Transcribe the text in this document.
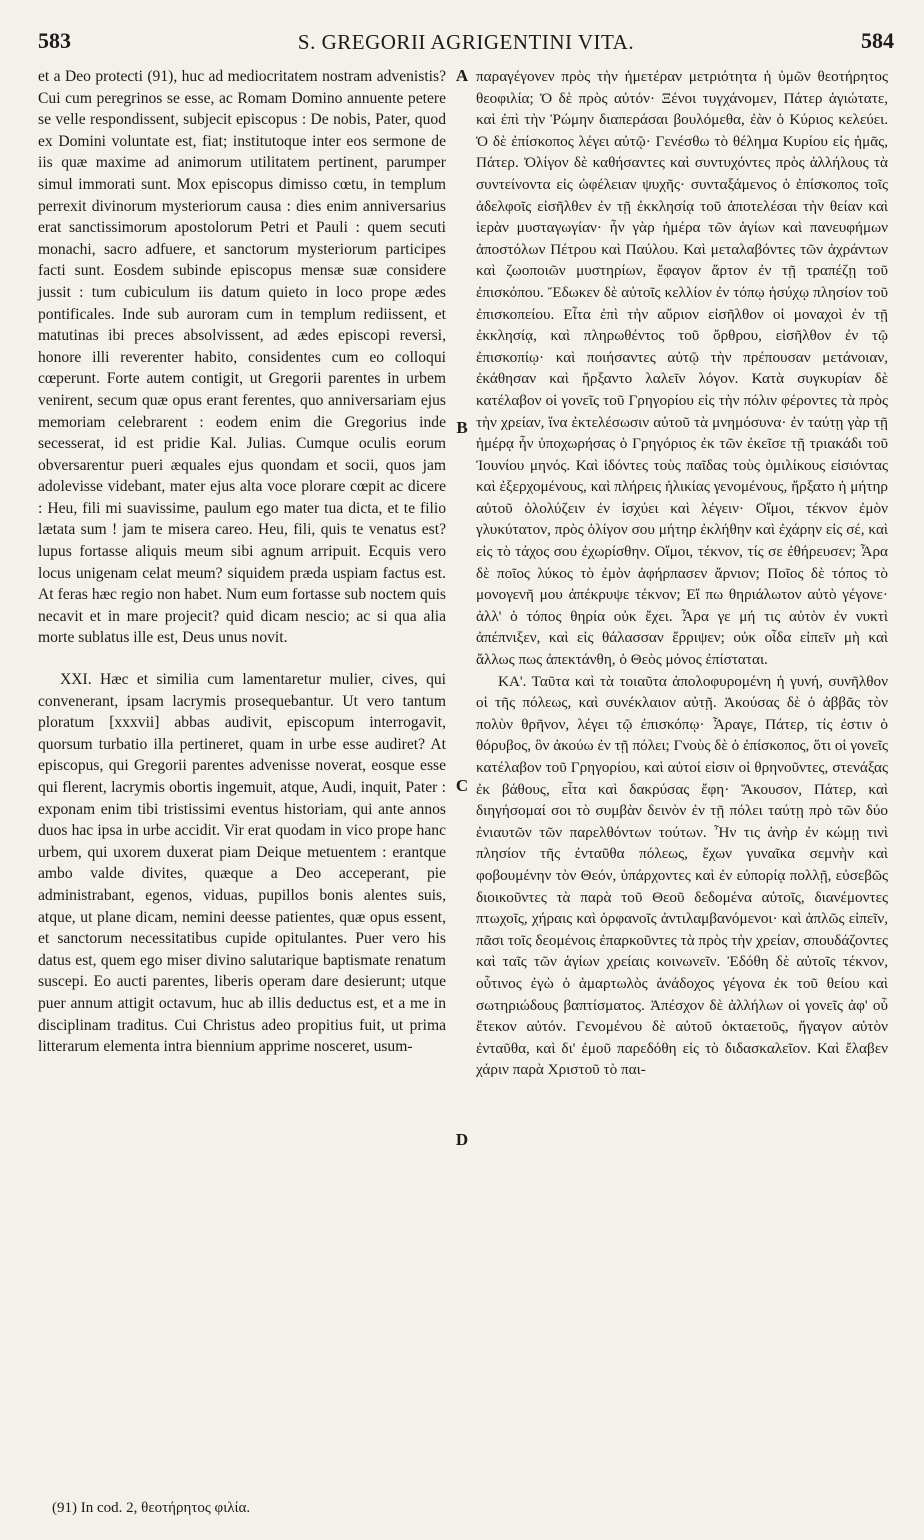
583	S. GREGORII AGRIGENTINI VITA.	584

et a Deo protecti (91), huc ad mediocritatem nostram advenistis? Cui cum peregrinos se esse, ac Romam Domino annuente petere se velle respondissent, subjecit episcopus : De nobis, Pater, quod ex Domini voluntate est, fiat; institutoque inter eos sermone de iis quæ maxime ad animorum utilitatem pertinent, parumper simul immorati sunt. Mox episcopus dimisso cœtu, in templum perrexit divinorum mysteriorum causa : dies enim anniversarius erat sanctissimorum apostolorum Petri et Pauli : quem secuti monachi, sacro adfuere, et sanctorum mysteriorum participes facti sunt. Eosdem subinde episcopus mensæ suæ considere jussit : tum cubiculum iis datum quieto in loco prope ædes pontificales. Inde sub auroram cum in templum rediissent, et matutinas ibi preces absolvissent, ad ædes episcopi reversi, honore illi reverenter habito, considentes cum eo colloqui cœperunt. Forte autem contigit, ut Gregorii parentes in urbem venirent, secum quæ opus erant ferentes, quo anniversariam ejus memoriam celebrarent : eodem enim die Gregorius inde secesserat, id est pridie Kal. Julias. Cumque oculis eorum obversarentur pueri æquales ejus quondam et socii, quos jam adolevisse videbant, mater ejus alta voce plorare cœpit ac dicere : Heu, fili mi suavissime, paulum ego mater tua dicta, et te filio lætata sum ! jam te misera careo. Heu, fili, quis te venatus est? lupus fortasse aliquis meum sibi agnum arripuit. Ecquis vero locus unigenam celat meum? siquidem præda uspiam factus est. At feras hæc regio non habet. Num eum fortasse sub noctem quis necavit et in mare projecit? quid dicam nescio; ac si qua alia morte sublatus ille est, Deus unus novit.

XXI. Hæc et similia cum lamentaretur mulier, cives, qui convenerant, ipsam lacrymis prosequebantur. Ut vero tantum ploratum [xxxvii] abbas audivit, episcopum interrogavit, quorsum turbatio illa pertineret, quam in urbe esse audiret? At episcopus, qui Gregorii parentes advenisse noverat, eosque esse qui flerent, lacrymis obortis ingemuit, atque, Audi, inquit, Pater : exponam enim tibi tristissimi eventus historiam, qui ante annos duos hac ipsa in urbe accidit. Vir erat quodam in vico prope hanc urbem, qui uxorem duxerat piam Deique metuentem : erantque ambo valde divites, quæque a Deo acceperant, pie administrabant, egenos, viduas, pupillos bonis alentes suis, atque, ut plane dicam, nemini deesse patientes, quæ opus essent, et sanctorum necessitatibus cupide opitulantes. Puer vero his datus est, quem ego miser divino salutarique baptismate renatum suscepi. Eo aucti parentes, liberis operam dare desierunt; utque puer annum attigit octavum, huc ab illis deductus est, et a me in disciplinam traditus. Cui Christus adeo propitius fuit, ut prima litterarum elementa intra biennium apprime nosceret, usum-

A
B
C
D

παραγέγονεν πρὸς τὴν ἡμετέραν μετριότητα ἡ ὑμῶν θεοτήρητος θεοφιλία; Ὁ δὲ πρὸς αὐτόν· Ξένοι τυγχάνομεν, Πάτερ ἁγιώτατε, καὶ ἐπὶ τὴν Ῥώμην διαπεράσαι βουλόμεθα, ἐὰν ὁ Κύριος κελεύει. Ὁ δὲ ἐπίσκοπος λέγει αὐτῷ· Γενέσθω τὸ θέλημα Κυρίου εἰς ἡμᾶς, Πάτερ. Ὀλίγον δὲ καθήσαντες καὶ συντυχόντες πρὸς ἀλλήλους τὰ συντείνοντα εἰς ὠφέλειαν ψυχῆς· συνταξάμενος ὁ ἐπίσκοπος τοῖς ἀδελφοῖς εἰσῆλθεν ἐν τῇ ἐκκλησίᾳ τοῦ ἀποτελέσαι τὴν θείαν καὶ ἱερὰν μυσταγωγίαν· ἦν γὰρ ἡμέρα τῶν ἁγίων καὶ πανευφήμων ἀποστόλων Πέτρου καὶ Παύλου. Καὶ μεταλαβόντες τῶν ἀχράντων καὶ ζωοποιῶν μυστηρίων, ἔφαγον ἄρτον ἐν τῇ τραπέζῃ τοῦ ἐπισκόπου. Ἔδωκεν δὲ αὐτοῖς κελλίον ἐν τόπῳ ἡσύχῳ πλησίον τοῦ ἐπισκοπείου. Εἶτα ἐπὶ τὴν αὔριον εἰσῆλθον οἱ μοναχοὶ ἐν τῇ ἐκκλησίᾳ, καὶ πληρωθέντος τοῦ ὄρθρου, εἰσῆλθον ἐν τῷ ἐπισκοπίῳ· καὶ ποιήσαντες αὐτῷ τὴν πρέπουσαν μετάνοιαν, ἐκάθησαν καὶ ἤρξαντο λαλεῖν λόγον. Κατὰ συγκυρίαν δὲ κατέλαβον οἱ γονεῖς τοῦ Γρηγορίου εἰς τὴν πόλιν φέροντες τὰ πρὸς τὴν χρείαν, ἵνα ἐκτελέσωσιν αὐτοῦ τὰ μνημόσυνα· ἐν ταύτῃ γὰρ τῇ ἡμέρᾳ ἦν ὑποχωρήσας ὁ Γρηγόριος ἐκ τῶν ἐκεῖσε τῇ τριακάδι τοῦ Ἰουνίου μηνός. Καὶ ἰδόντες τοὺς παῖδας τοὺς ὁμιλίκους εἰσιόντας καὶ ἐξερχομένους, καὶ πλήρεις ἡλικίας γενομένους, ἤρξατο ἡ μήτηρ αὐτοῦ ὀλολύζειν ἐν ἰσχύει καὶ λέγειν· Οἴμοι, τέκνον ἐμὸν γλυκύτατον, πρὸς ὀλίγον σου μήτηρ ἐκλήθην καὶ ἐχάρην εἰς σέ, καὶ εἰς τὸ τάχος σου ἐχωρίσθην. Οἴμοι, τέκνον, τίς σε ἐθήρευσεν; Ἆρα δὲ ποῖος λύκος τὸ ἐμὸν ἀφήρπασεν ἄρνιον; Ποῖος δὲ τόπος τὸ μονογενῆ μου ἀπέκρυψε τέκνον; Εἴ πω θηριάλωτον αὐτὸ γέγονε· ἀλλ' ὁ τόπος θηρία οὐκ ἔχει. Ἆρα γε μή τις αὐτὸν ἐν νυκτὶ ἀπέπνιξεν, καὶ εἰς θάλασσαν ἔρριψεν; οὐκ οἶδα εἰπεῖν μὴ καὶ ἄλλως πως ἀπεκτάνθη, ὁ Θεὸς μόνος ἐπίσταται.

ΚΑ'. Ταῦτα καὶ τὰ τοιαῦτα ἀπολοφυρομένη ἡ γυνή, συνῆλθον οἱ τῆς πόλεως, καὶ συνέκλαιον αὐτῇ. Ἀκούσας δὲ ὁ ἀββᾶς τὸν πολὺν θρῆνον, λέγει τῷ ἐπισκόπῳ· Ἆραγε, Πάτερ, τίς ἐστιν ὁ θόρυβος, ὃν ἀκούω ἐν τῇ πόλει; Γνοὺς δὲ ὁ ἐπίσκοπος, ὅτι οἱ γονεῖς κατέλαβον τοῦ Γρηγορίου, καὶ αὐτοί εἰσιν οἱ θρηνοῦντες, στενάξας ἐκ βάθους, εἶτα καὶ δακρύσας ἔφη· Ἄκουσον, Πάτερ, καὶ διηγήσομαί σοι τὸ συμβὰν δεινὸν ἐν τῇ πόλει ταύτῃ πρὸ τῶν δύο ἐνιαυτῶν τῶν παρελθόντων τούτων. Ἦν τις ἀνὴρ ἐν κώμῃ τινὶ πλησίον τῆς ἐνταῦθα πόλεως, ἔχων γυναῖκα σεμνὴν καὶ φοβουμένην τὸν Θεόν, ὑπάρχοντες καὶ ἐν εὐπορίᾳ πολλῇ, εὐσεβῶς διοικοῦντες τὰ παρὰ τοῦ Θεοῦ δεδομένα αὐτοῖς, διανέμοντες πτωχοῖς, χήραις καὶ ὀρφανοῖς ἀντιλαμβανόμενοι· καὶ ἁπλῶς εἰπεῖν, πᾶσι τοῖς δεομένοις ἐπαρκοῦντες τὰ πρὸς τὴν χρείαν, σπουδάζοντες καὶ ταῖς τῶν ἁγίων χρείαις κοινωνεῖν. Ἐδόθη δὲ αὐτοῖς τέκνον, οὗτινος ἐγὼ ὁ ἁμαρτωλὸς ἀνάδοχος γέγονα ἐκ τοῦ θείου καὶ σωτηριώδους βαπτίσματος. Ἀπέσχον δὲ ἀλλήλων οἱ γονεῖς ἀφ' οὗ ἔτεκον αὐτόν. Γενομένου δὲ αὐτοῦ ὀκταετοῦς, ἤγαγον αὐτὸν ἐνταῦθα, καὶ δι' ἐμοῦ παρεδόθη εἰς τὸ διδασκαλεῖον. Καὶ ἔλαβεν χάριν παρὰ Χριστοῦ τὸ παι-

(91) In cod. 2, θεοτήρητος φιλία.
